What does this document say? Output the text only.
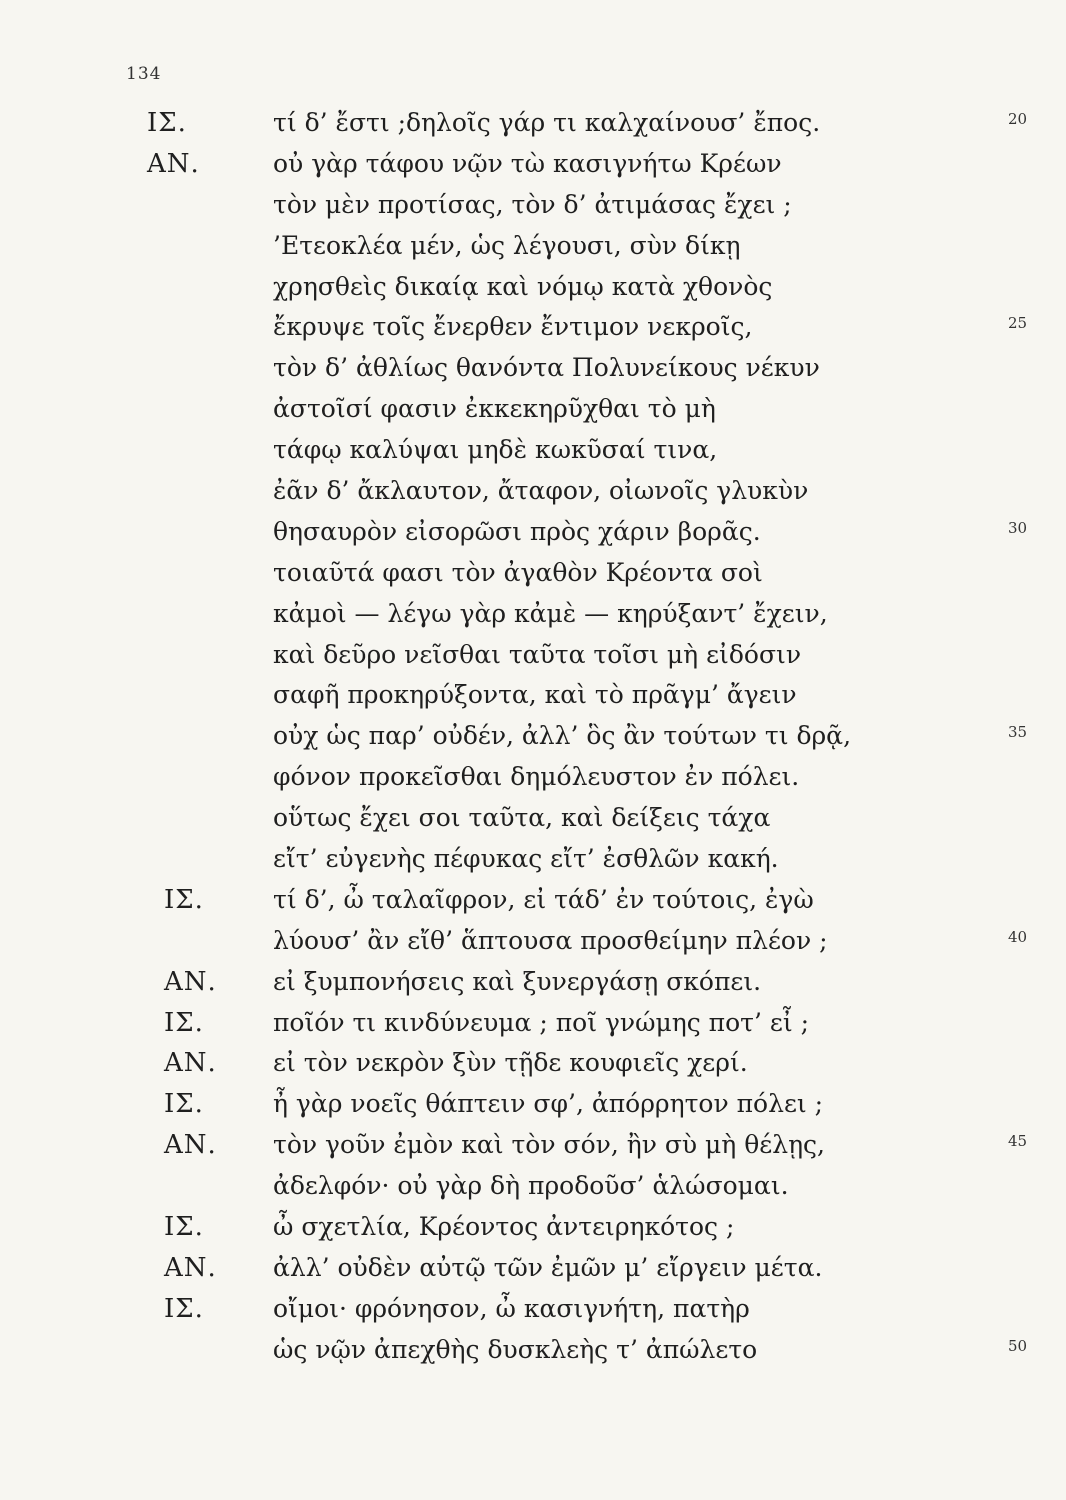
134
ΙΣ.	τί δ’ ἔστι ;δηλοῖς γάρ τι καλχαίνουσ’ ἔπος.	20
ΑΝ.	οὐ γὰρ τάφου νῷν τὼ κασιγνήτω Κρέων
τὸν μὲν προτίσας, τὸν δ’ ἀτιμάσας ἔχει ;
’Ετεοκλέα μέν, ὡς λέγουσι, σὺν δίκῃ
χρησθεὶς δικαίᾳ καὶ νόμῳ κατὰ χθονὸς
ἔκρυψε τοῖς ἔνερθεν ἔντιμον νεκροῖς,	25
τὸν δ’ ἀθλίως θανόντα Πολυνείκους νέκυν
ἀστοῖσί φασιν ἐκκεκηρῦχθαι τὸ μὴ
τάφῳ καλύψαι μηδὲ κωκῦσαί τινα,
ἐᾶν δ’ ἄκλαυτον, ἄταφον, οἰωνοῖς γλυκὺν
θησαυρὸν εἰσορῶσι πρὸς χάριν βορᾶς.	30
τοιαῦτά φασι τὸν ἀγαθὸν Κρέοντα σοὶ
κἀμοὶ — λέγω γὰρ κἀμὲ — κηρύξαντ’ ἔχειν,
καὶ δεῦρο νεῖσθαι ταῦτα τοῖσι μὴ εἰδόσιν
σαφῆ προκηρύξοντα, καὶ τὸ πρᾶγμ’ ἄγειν
οὐχ ὡς παρ’ οὐδέν, ἀλλ’ ὃς ἂν τούτων τι δρᾷ,	35
φόνον προκεῖσθαι δημόλευστον ἐν πόλει.
οὕτως ἔχει σοι ταῦτα, καὶ δείξεις τάχα
εἴτ’ εὐγενὴς πέφυκας εἴτ’ ἐσθλῶν κακή.
ΙΣ.	τί δ’, ὦ ταλαῖφρον, εἰ τάδ’ ἐν τούτοις, ἐγὼ
λύουσ’ ἂν εἴθ’ ἅπτουσα προσθείμην πλέον ;	40
ΑΝ. εἰ ξυμπονήσεις καὶ ξυνεργάσῃ σκόπει.
ΙΣ.	ποῖόν τι κινδύνευμα ; ποῖ γνώμης ποτ’ εἶ ;
ΑΝ. εἰ τὸν νεκρὸν ξὺν τῇδε κουφιεῖς χερί.
ΙΣ.	ἦ γὰρ νοεῖς θάπτειν σφ’, ἀπόρρητον πόλει ;
ΑΝ. τὸν γοῦν ἐμὸν καὶ τὸν σόν, ἢν σὺ μὴ θέλῃς,	45
ἀδελφόν· οὐ γὰρ δὴ προδοῦσ’ ἁλώσομαι.
ΙΣ.	ὦ σχετλία, Κρέοντος ἀντειρηκότος ;
ΑΝ. ἀλλ’ οὐδὲν αὐτῷ τῶν ἐμῶν μ’ εἴργειν μέτα.
ΙΣ.	οἴμοι· φρόνησον, ὦ κασιγνήτη, πατὴρ
ὡς νῷν ἀπεχθὴς δυσκλεὴς τ’ ἀπώλετο	50
